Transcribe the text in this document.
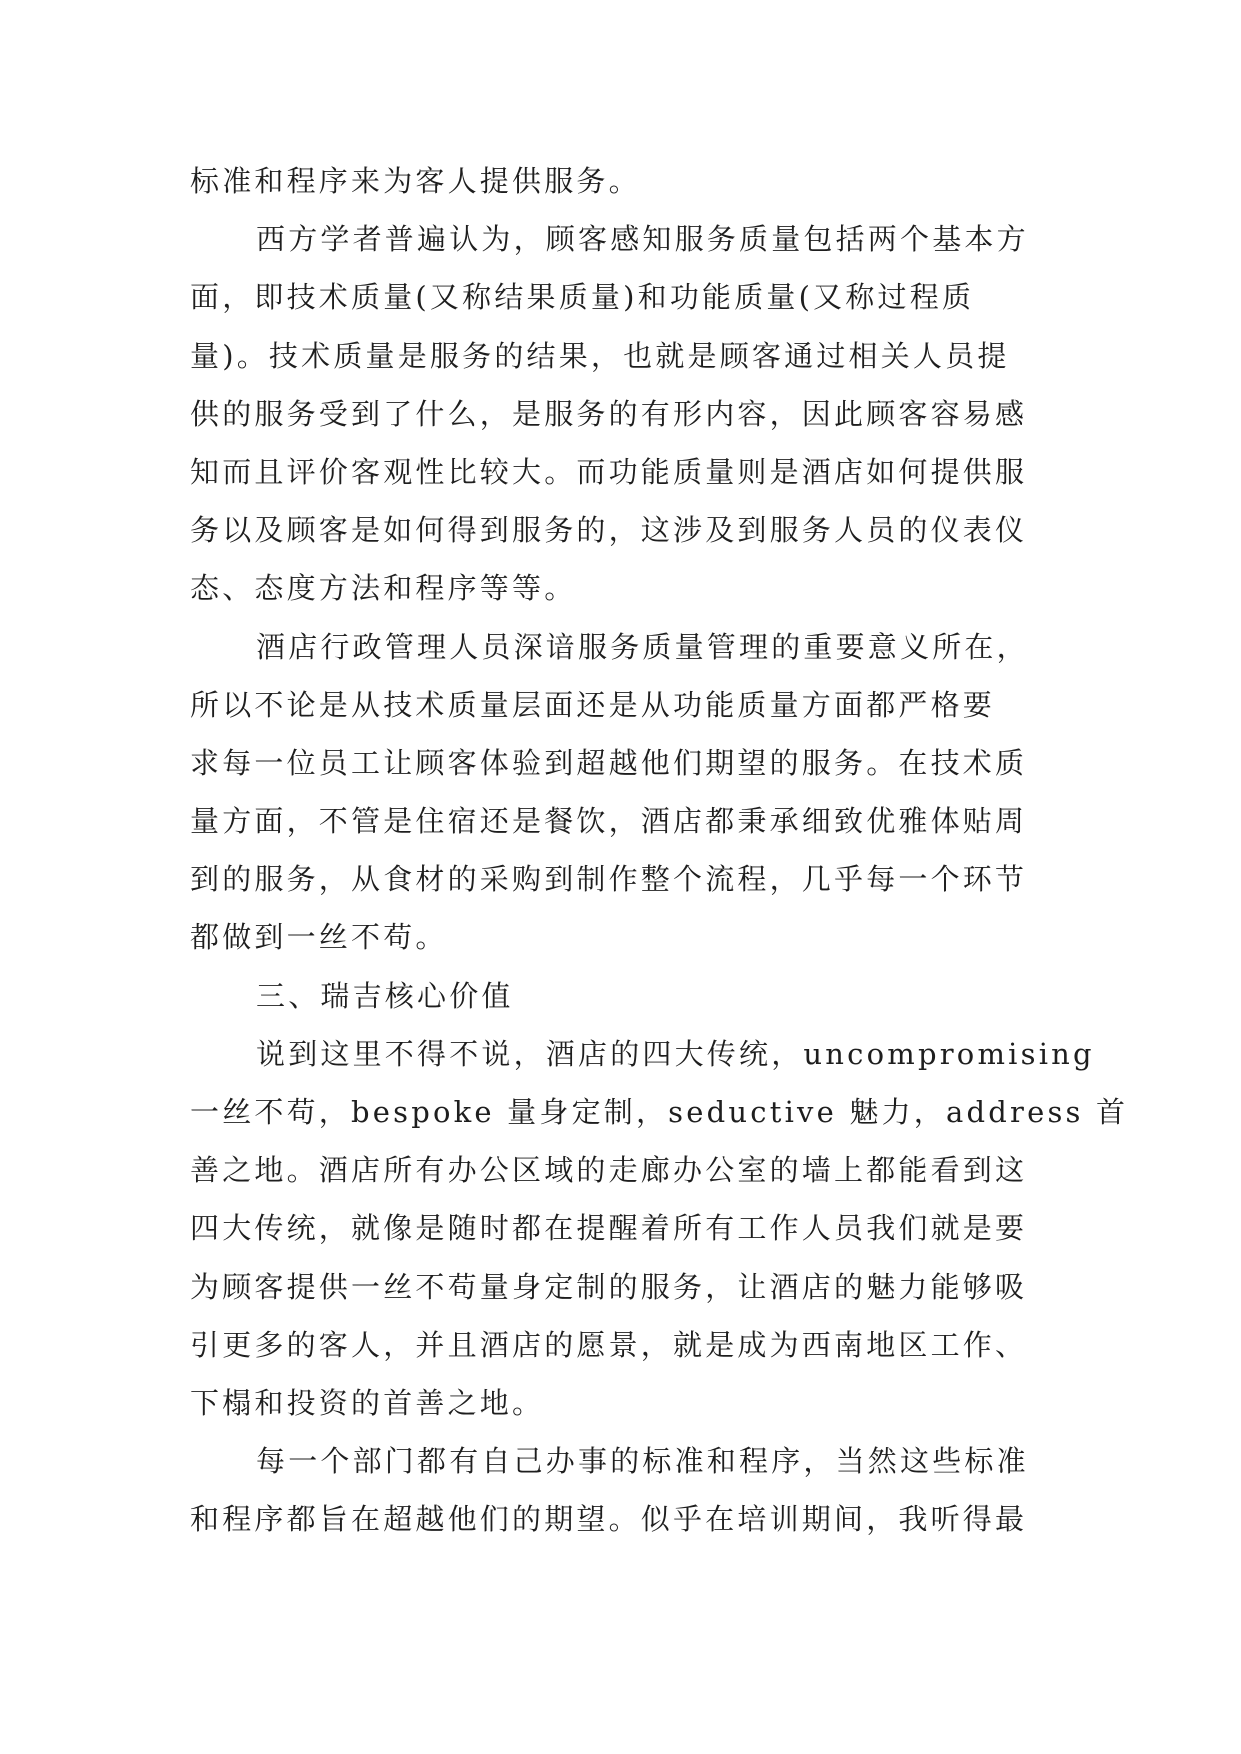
标准和程序来为客人提供服务。
西方学者普遍认为，顾客感知服务质量包括两个基本方
面，即技术质量(又称结果质量)和功能质量(又称过程质
量)。技术质量是服务的结果，也就是顾客通过相关人员提
供的服务受到了什么，是服务的有形内容，因此顾客容易感
知而且评价客观性比较大。而功能质量则是酒店如何提供服
务以及顾客是如何得到服务的，这涉及到服务人员的仪表仪
态、态度方法和程序等等。
酒店行政管理人员深谙服务质量管理的重要意义所在，
所以不论是从技术质量层面还是从功能质量方面都严格要
求每一位员工让顾客体验到超越他们期望的服务。在技术质
量方面，不管是住宿还是餐饮，酒店都秉承细致优雅体贴周
到的服务，从食材的采购到制作整个流程，几乎每一个环节
都做到一丝不苟。
三、瑞吉核心价值
说到这里不得不说，酒店的四大传统，uncompromising
一丝不苟，bespoke 量身定制，seductive 魅力，address 首
善之地。酒店所有办公区域的走廊办公室的墙上都能看到这
四大传统，就像是随时都在提醒着所有工作人员我们就是要
为顾客提供一丝不苟量身定制的服务，让酒店的魅力能够吸
引更多的客人，并且酒店的愿景，就是成为西南地区工作、
下榻和投资的首善之地。
每一个部门都有自己办事的标准和程序，当然这些标准
和程序都旨在超越他们的期望。似乎在培训期间，我听得最
